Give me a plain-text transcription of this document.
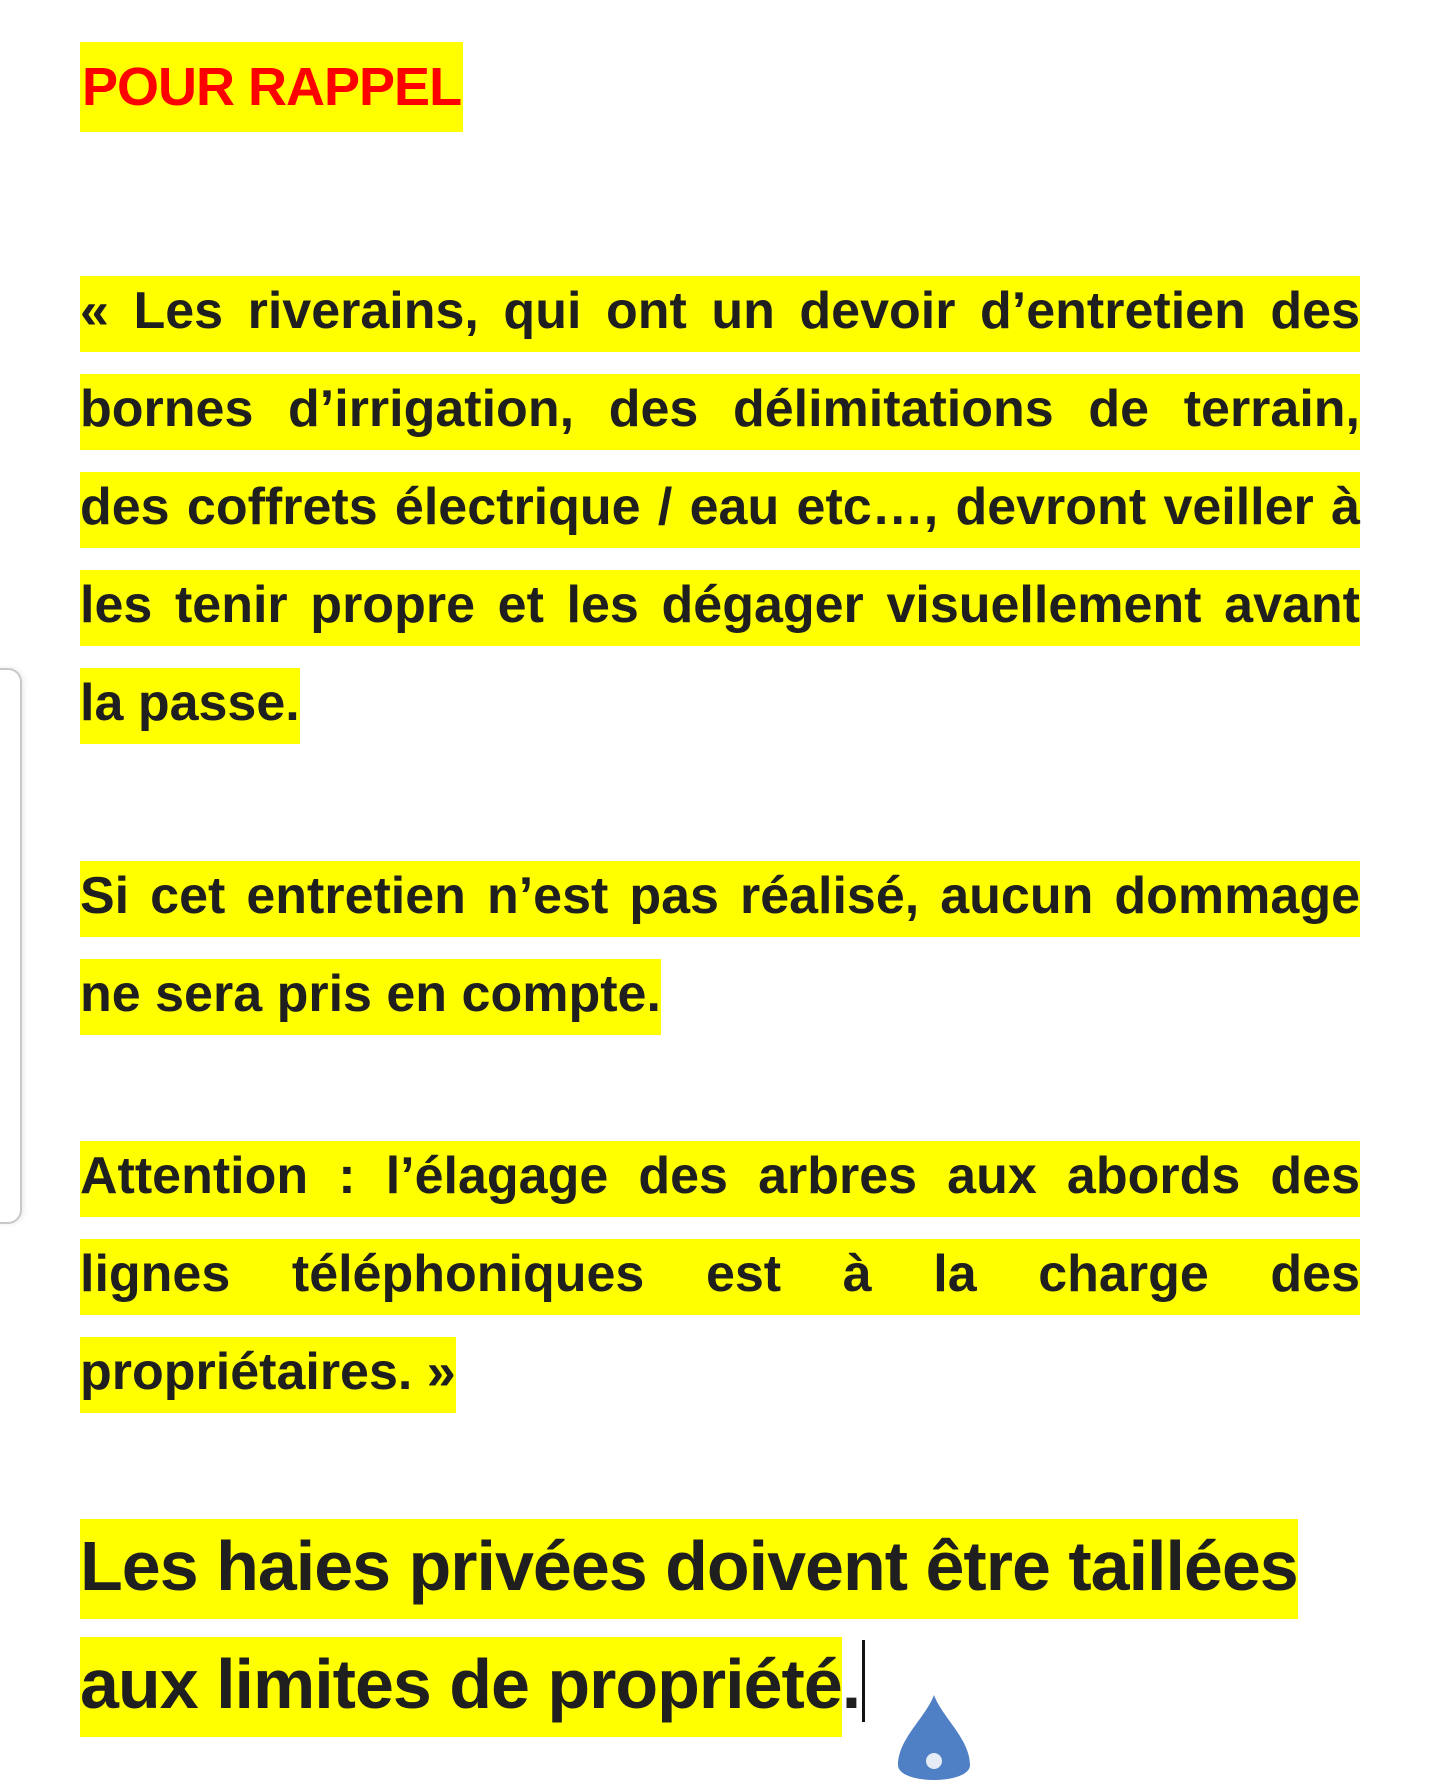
POUR RAPPEL

« Les riverains, qui ont un devoir d’entretien des bornes d’irrigation, des délimitations de terrain, des coffrets électrique / eau etc…, devront veiller à les tenir propre et les dégager visuellement avant la passe.

Si cet entretien n’est pas réalisé, aucun dommage ne sera pris en compte.

Attention : l’élagage des arbres aux abords des lignes téléphoniques est à la charge des propriétaires. »

Les haies privées doivent être taillées aux limites de propriété.
